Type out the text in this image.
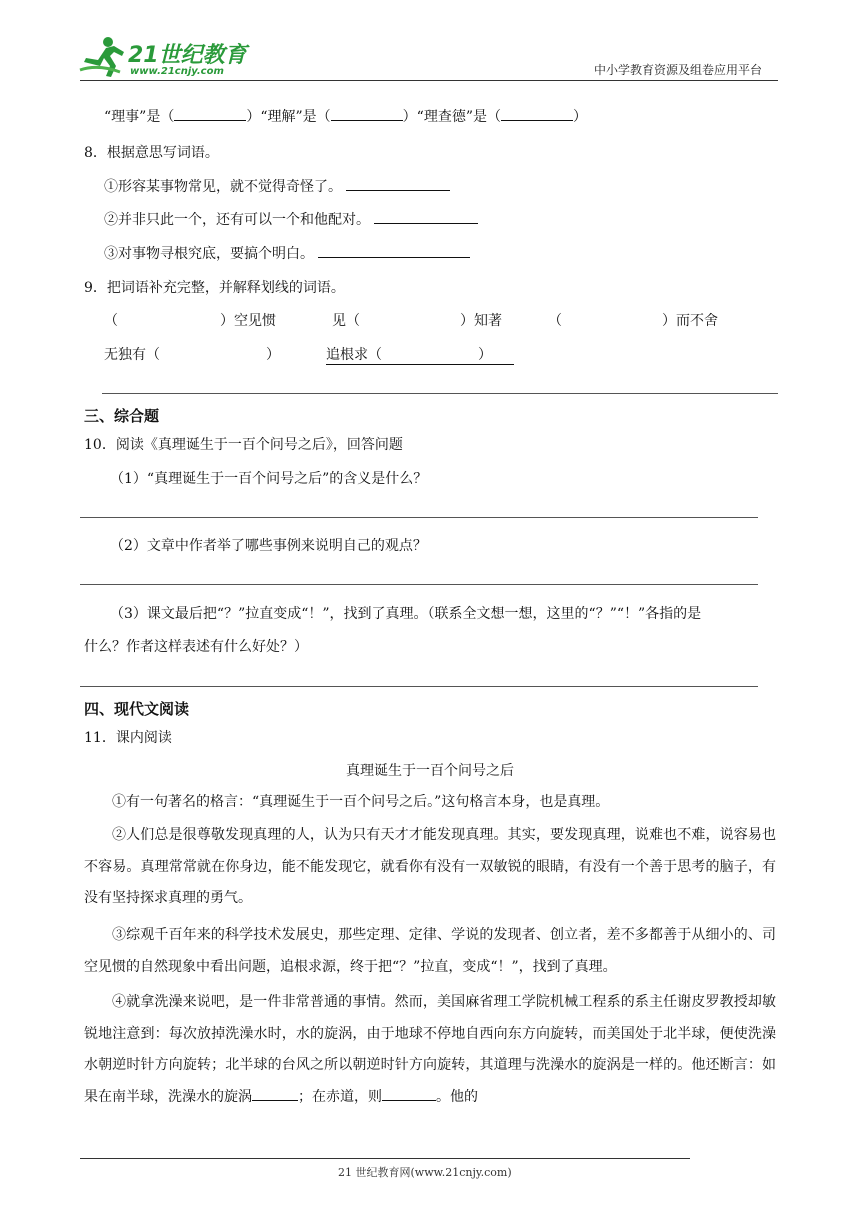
21世纪教育
www.21cnjy.com	中小学教育资源及组卷应用平台
“理事”是（	）“理解”是（	）“理查德”是（	）
8．根据意思写词语。
①形容某事物常见，就不觉得奇怪了。
②并非只此一个，还有可以一个和他配对。
③对事物寻根究底，要搞个明白。
9．把词语补充完整，并解释划线的词语。
（	）空见惯	见（	）知著	（	）而不舍
无独有（	）	追根求（	）
三、综合题
10．阅读《真理诞生于一百个问号之后》，回答问题
（1）“真理诞生于一百个问号之后”的含义是什么？
（2）文章中作者举了哪些事例来说明自己的观点？
（3）课文最后把“？”拉直变成“！”，找到了真理。（联系全文想一想，这里的“？”“！”各指的是
什么？作者这样表述有什么好处？）
四、现代文阅读
11．课内阅读
真理诞生于一百个问号之后
①有一句著名的格言：“真理诞生于一百个问号之后。”这句格言本身，也是真理。
②人们总是很尊敬发现真理的人，认为只有天才才能发现真理。其实，要发现真理，说难也不难，说容易也不容易。真理常常就在你身边，能不能发现它，就看你有没有一双敏锐的眼睛，有没有一个善于思考的脑子，有没有坚持探求真理的勇气。
③综观千百年来的科学技术发展史，那些定理、定律、学说的发现者、创立者，差不多都善于从细小的、司空见惯的自然现象中看出问题，追根求源，终于把“？”拉直，变成“！”，找到了真理。
④就拿洗澡来说吧，是一件非常普通的事情。然而，美国麻省理工学院机械工程系的系主任谢皮罗教授却敏锐地注意到：每次放掉洗澡水时，水的旋涡，由于地球不停地自西向东方向旋转，而美国处于北半球，便使洗澡水朝逆时针方向旋转；北半球的台风之所以朝逆时针方向旋转，其道理与洗澡水的旋涡是一样的。他还断言：如果在南半球，洗澡水的旋涡	；在赤道，则	。他的
21 世纪教育网(www.21cnjy.com)
